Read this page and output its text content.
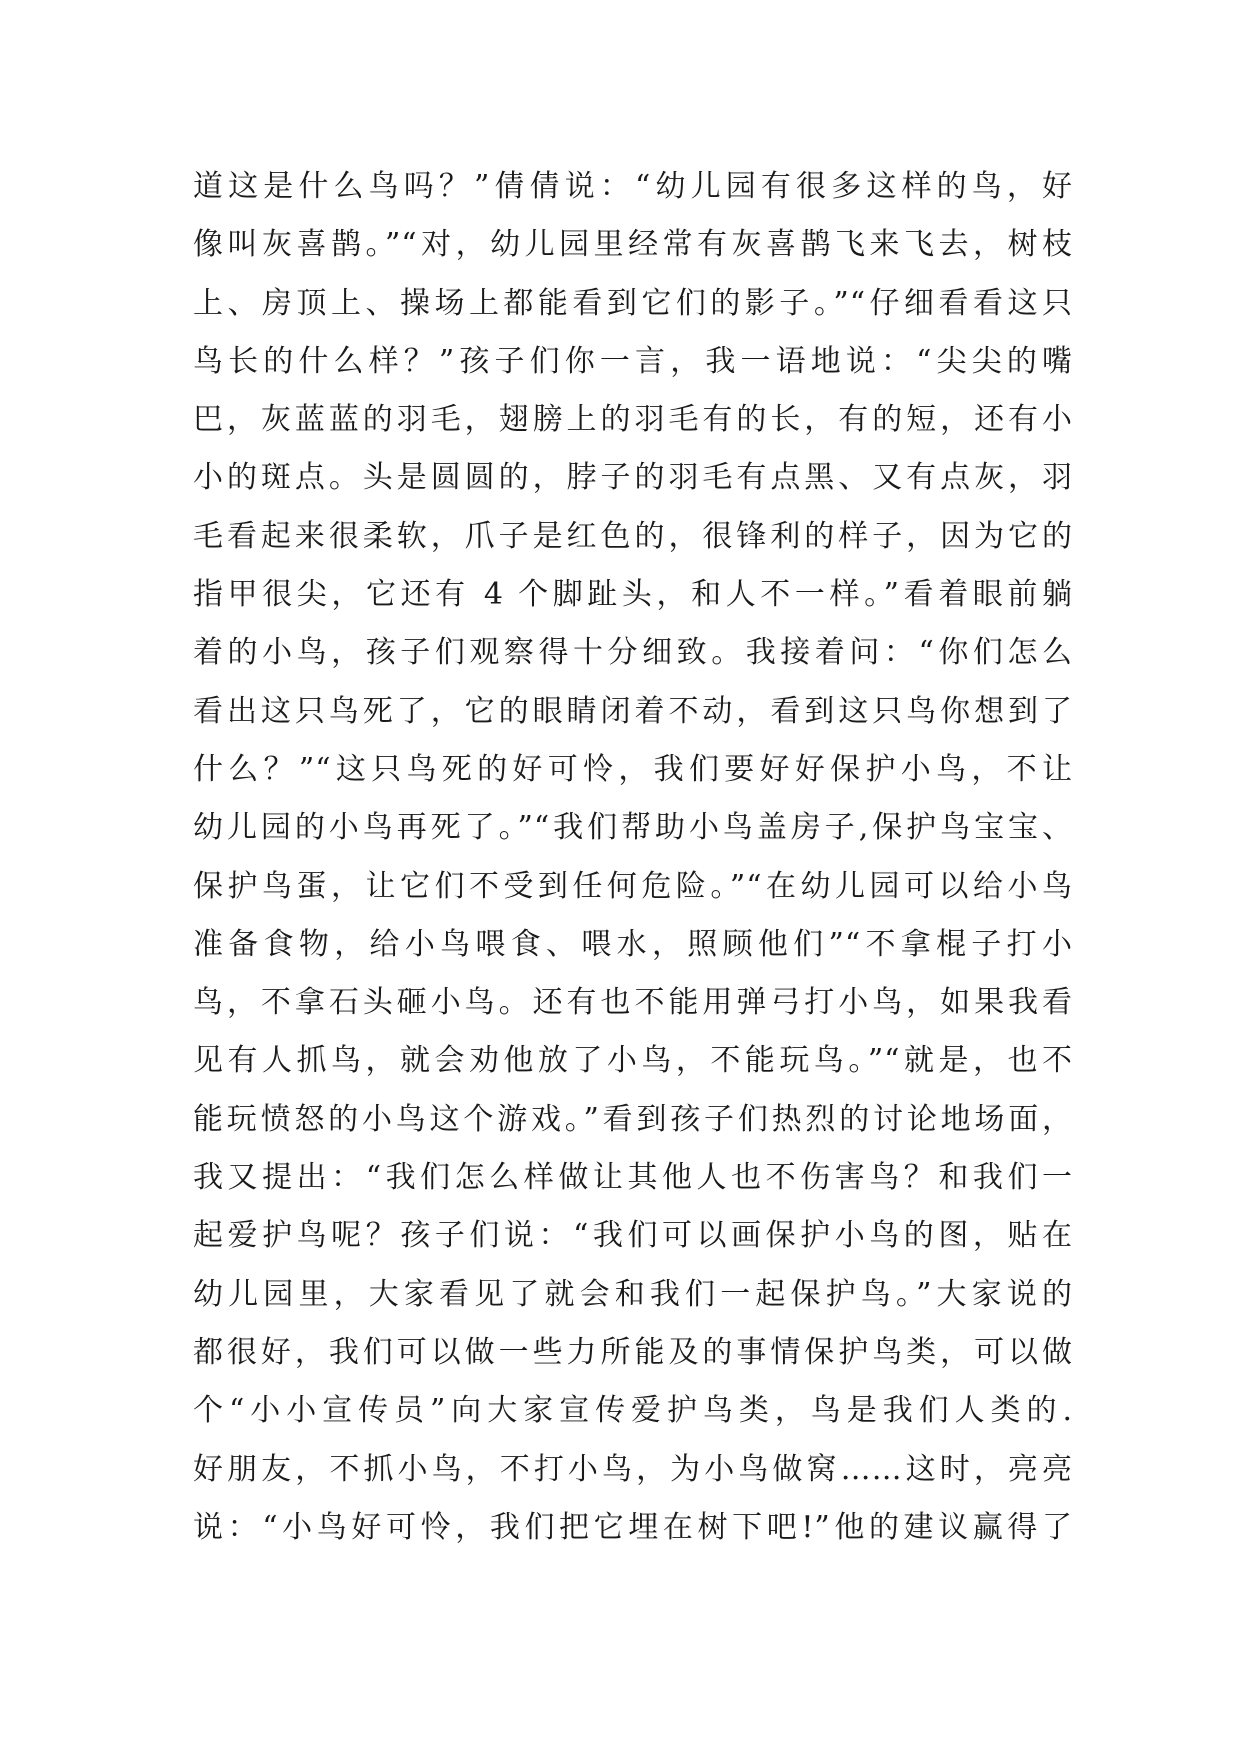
道这是什么鸟吗？”倩倩说：“幼儿园有很多这样的鸟，好
像叫灰喜鹊。”“对，幼儿园里经常有灰喜鹊飞来飞去，树枝
上、房顶上、操场上都能看到它们的影子。”“仔细看看这只
鸟长的什么样？”孩子们你一言，我一语地说：“尖尖的嘴
巴，灰蓝蓝的羽毛，翅膀上的羽毛有的长，有的短，还有小
小的斑点。头是圆圆的，脖子的羽毛有点黑、又有点灰，羽
毛看起来很柔软，爪子是红色的，很锋利的样子，因为它的
指甲很尖，它还有 4 个脚趾头，和人不一样。”看着眼前躺
着的小鸟，孩子们观察得十分细致。我接着问：“你们怎么
看出这只鸟死了，它的眼睛闭着不动，看到这只鸟你想到了
什么？”“这只鸟死的好可怜，我们要好好保护小鸟，不让
幼儿园的小鸟再死了。”“我们帮助小鸟盖房子,保护鸟宝宝、
保护鸟蛋，让它们不受到任何危险。”“在幼儿园可以给小鸟
准备食物，给小鸟喂食、喂水，照顾他们”“不拿棍子打小
鸟，不拿石头砸小鸟。还有也不能用弹弓打小鸟，如果我看
见有人抓鸟，就会劝他放了小鸟，不能玩鸟。”“就是，也不
能玩愤怒的小鸟这个游戏。”看到孩子们热烈的讨论地场面，
我又提出：“我们怎么样做让其他人也不伤害鸟？和我们一
起爱护鸟呢？孩子们说：“我们可以画保护小鸟的图，贴在
幼儿园里，大家看见了就会和我们一起保护鸟。”大家说的
都很好，我们可以做一些力所能及的事情保护鸟类，可以做
个“小小宣传员”向大家宣传爱护鸟类，鸟是我们人类的.
好朋友，不抓小鸟，不打小鸟，为小鸟做窝……这时，亮亮
说：“小鸟好可怜，我们把它埋在树下吧!”他的建议赢得了
